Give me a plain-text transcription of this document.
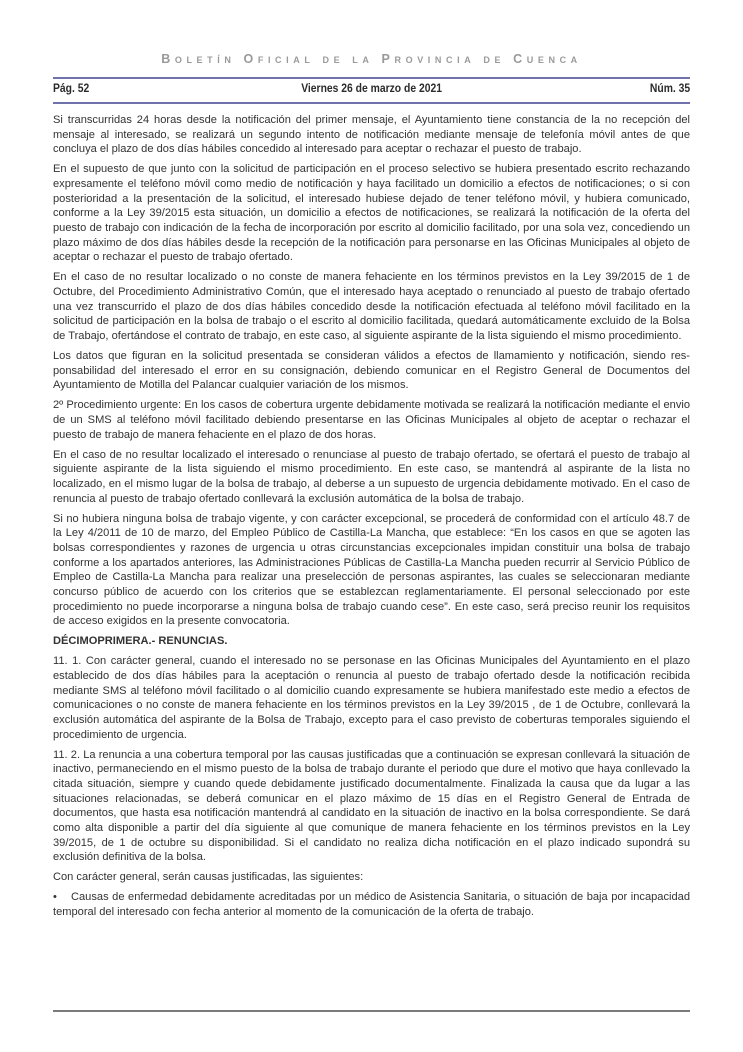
Boletín Oficial de la Provincia de Cuenca
Pág. 52	Viernes 26 de marzo de 2021	Núm. 35

Si transcurridas 24 horas desde la notificación del primer mensaje, el Ayuntamiento tiene constancia de la no recepción del mensaje al interesado, se realizará un segundo intento de notificación mediante mensaje de telefonía móvil antes de que concluya el plazo de dos días hábiles concedido al interesado para aceptar o rechazar el puesto de trabajo.

En el supuesto de que junto con la solicitud de participación en el proceso selectivo se hubiera presentado escrito rechazando expresamente el teléfono móvil como medio de notificación y haya facilitado un domicilio a efectos de notificaciones; o si con posterioridad a la presentación de la solicitud, el interesado hubiese dejado de tener teléfono móvil, y hubiera comunicado, conforme a la Ley 39/2015 esta situación, un domicilio a efectos de notificaciones, se realizará la notificación de la oferta del puesto de trabajo con indicación de la fecha de incorporación por escrito al domicilio facilitado, por una sola vez, concediendo un plazo máximo de dos días hábiles desde la recepción de la notificación para personarse en las Oficinas Municipales al objeto de aceptar o rechazar el puesto de trabajo ofertado.

En el caso de no resultar localizado o no conste de manera fehaciente en los términos previstos en la Ley 39/2015 de 1 de Octubre, del Procedimiento Administrativo Común, que el interesado haya aceptado o renunciado al puesto de trabajo ofertado una vez transcurrido el plazo de dos días hábiles concedido desde la notificación efectuada al teléfono móvil facilitado en la solicitud de participación en la bolsa de trabajo o el escrito al domicilio facilitada, quedará automáticamente excluido de la Bolsa de Trabajo, ofertándose el contrato de trabajo, en este caso, al siguiente aspirante de la lista siguiendo el mismo procedimiento.

Los datos que figuran en la solicitud presentada se consideran válidos a efectos de llamamiento y notificación, siendo responsabilidad del interesado el error en su consignación, debiendo comunicar en el Registro General de Documentos del Ayuntamiento de Motilla del Palancar cualquier variación de los mismos.

2º Procedimiento urgente: En los casos de cobertura urgente debidamente motivada se realizará la notificación mediante el envio de un SMS al teléfono móvil facilitado debiendo presentarse en las Oficinas Municipales al objeto de aceptar o rechazar el puesto de trabajo de manera fehaciente en el plazo de dos horas.

En el caso de no resultar localizado el interesado o renunciase al puesto de trabajo ofertado, se ofertará el puesto de trabajo al siguiente aspirante de la lista siguiendo el mismo procedimiento. En este caso, se mantendrá al aspirante de la lista no localizado, en el mismo lugar de la bolsa de trabajo, al deberse a un supuesto de urgencia debidamente motivado. En el caso de renuncia al puesto de trabajo ofertado conllevará la exclusión automática de la bolsa de trabajo.

Si no hubiera ninguna bolsa de trabajo vigente, y con carácter excepcional, se procederá de conformidad con el artículo 48.7 de la Ley 4/2011 de 10 de marzo, del Empleo Público de Castilla-La Mancha, que establece: “En los casos en que se agoten las bolsas correspondientes y razones de urgencia u otras circunstancias excepcionales impidan constituir una bolsa de trabajo conforme a los apartados anteriores, las Administraciones Públicas de Castilla-La Mancha pueden recurrir al Servicio Público de Empleo de Castilla-La Mancha para realizar una preselección de personas aspirantes, las cuales se seleccionaran mediante concurso público de acuerdo con los criterios que se establezcan reglamentariamente. El personal seleccionado por este procedimiento no puede incorporarse a ninguna bolsa de trabajo cuando cese”. En este caso, será preciso reunir los requisitos de acceso exigidos en la presente convocatoria.

DÉCIMOPRIMERA.- RENUNCIAS.

11. 1. Con carácter general, cuando el interesado no se personase en las Oficinas Municipales del Ayuntamiento en el plazo establecido de dos días hábiles para la aceptación o renuncia al puesto de trabajo ofertado desde la notificación recibida mediante SMS al teléfono móvil facilitado o al domicilio cuando expresamente se hubiera manifestado este medio a efectos de comunicaciones o no conste de manera fehaciente en los términos previstos en la Ley 39/2015 , de 1 de Octubre, conllevará la exclusión automática del aspirante de la Bolsa de Trabajo, excepto para el caso previsto de coberturas temporales siguiendo el procedimiento de urgencia.

11. 2. La renuncia a una cobertura temporal por las causas justificadas que a continuación se expresan conllevará la situación de inactivo, permaneciendo en el mismo puesto de la bolsa de trabajo durante el periodo que dure el motivo que haya conllevado la citada situación, siempre y cuando quede debidamente justificado documentalmente. Finalizada la causa que da lugar a las situaciones relacionadas, se deberá comunicar en el plazo máximo de 15 días en el Registro General de Entrada de documentos, que hasta esa notificación mantendrá al candidato en la situación de inactivo en la bolsa correspondiente. Se dará como alta disponible a partir del día siguiente al que comunique de manera fehaciente en los términos previstos en la Ley 39/2015, de 1 de octubre su disponibilidad. Si el candidato no realiza dicha notificación en el plazo indicado supondrá su exclusión definitiva de la bolsa.

Con carácter general, serán causas justificadas, las siguientes:

• Causas de enfermedad debidamente acreditadas por un médico de Asistencia Sanitaria, o situación de baja por incapacidad temporal del interesado con fecha anterior al momento de la comunicación de la oferta de trabajo.
